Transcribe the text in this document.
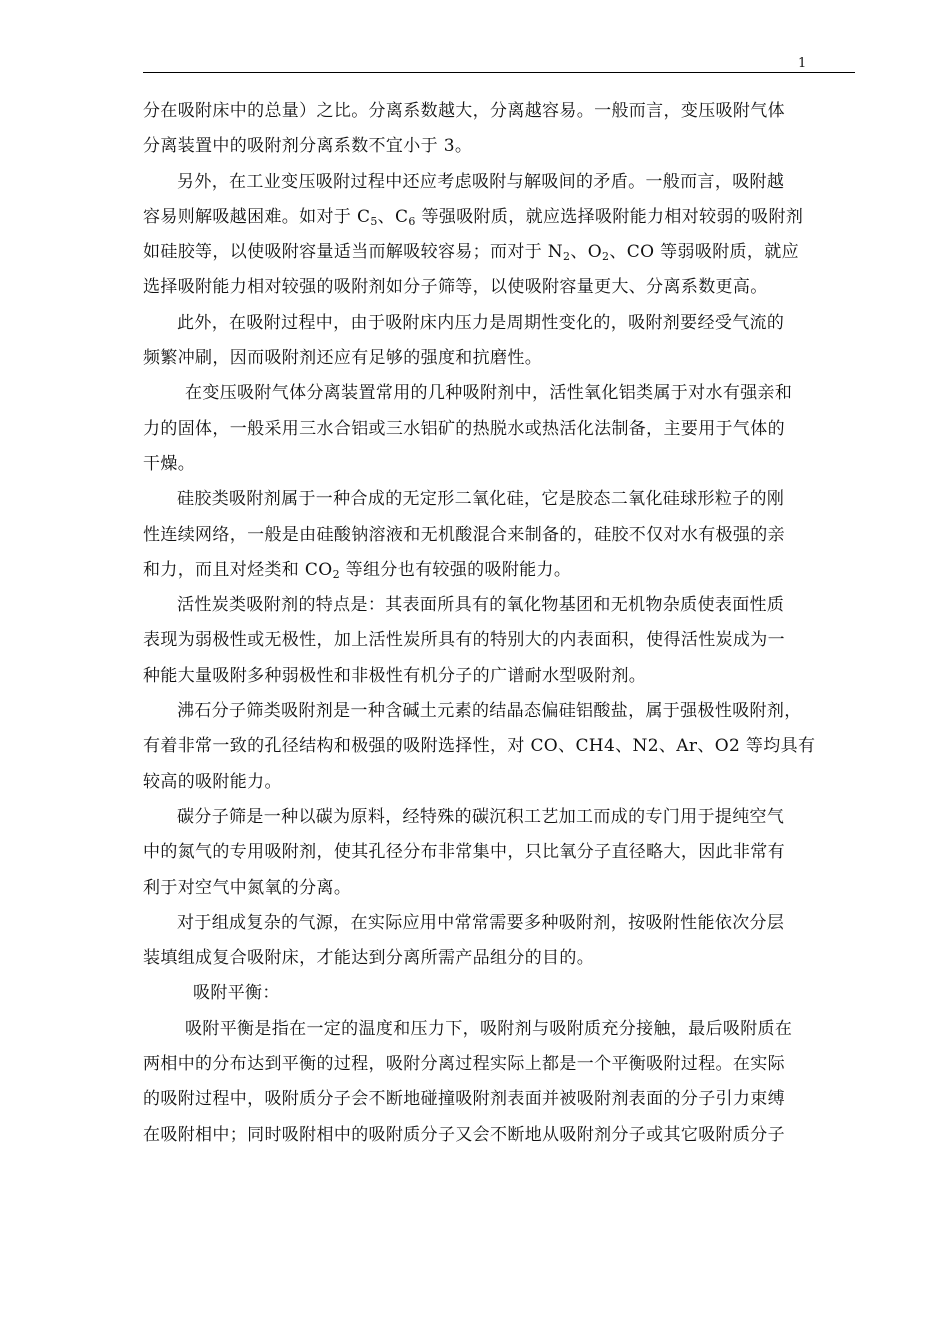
1

分在吸附床中的总量）之比。分离系数越大，分离越容易。一般而言，变压吸附气体
分离装置中的吸附剂分离系数不宜小于 3。

另外，在工业变压吸附过程中还应考虑吸附与解吸间的矛盾。一般而言，吸附越
容易则解吸越困难。如对于 $C_5$、$C_6$ 等强吸附质，就应选择吸附能力相对较弱的吸附剂
如硅胶等，以使吸附容量适当而解吸较容易；而对于 $N_2$、$O_2$、CO 等弱吸附质，就应
选择吸附能力相对较强的吸附剂如分子筛等，以使吸附容量更大、分离系数更高。

此外，在吸附过程中，由于吸附床内压力是周期性变化的，吸附剂要经受气流的
频繁冲刷，因而吸附剂还应有足够的强度和抗磨性。

在变压吸附气体分离装置常用的几种吸附剂中，活性氧化铝类属于对水有强亲和
力的固体，一般采用三水合铝或三水铝矿的热脱水或热活化法制备，主要用于气体的
干燥。

硅胶类吸附剂属于一种合成的无定形二氧化硅，它是胶态二氧化硅球形粒子的刚
性连续网络，一般是由硅酸钠溶液和无机酸混合来制备的，硅胶不仅对水有极强的亲
和力，而且对烃类和 $CO_2$ 等组分也有较强的吸附能力。

活性炭类吸附剂的特点是：其表面所具有的氧化物基团和无机物杂质使表面性质
表现为弱极性或无极性，加上活性炭所具有的特别大的内表面积，使得活性炭成为一
种能大量吸附多种弱极性和非极性有机分子的广谱耐水型吸附剂。

沸石分子筛类吸附剂是一种含碱土元素的结晶态偏硅铝酸盐，属于强极性吸附剂，
有着非常一致的孔径结构和极强的吸附选择性，对 CO、CH4、N2、Ar、O2 等均具有
较高的吸附能力。

碳分子筛是一种以碳为原料，经特殊的碳沉积工艺加工而成的专门用于提纯空气
中的氮气的专用吸附剂，使其孔径分布非常集中，只比氧分子直径略大，因此非常有
利于对空气中氮氧的分离。

对于组成复杂的气源，在实际应用中常常需要多种吸附剂，按吸附性能依次分层
装填组成复合吸附床，才能达到分离所需产品组分的目的。

吸附平衡：

吸附平衡是指在一定的温度和压力下，吸附剂与吸附质充分接触，最后吸附质在
两相中的分布达到平衡的过程，吸附分离过程实际上都是一个平衡吸附过程。在实际
的吸附过程中，吸附质分子会不断地碰撞吸附剂表面并被吸附剂表面的分子引力束缚
在吸附相中；同时吸附相中的吸附质分子又会不断地从吸附剂分子或其它吸附质分子
